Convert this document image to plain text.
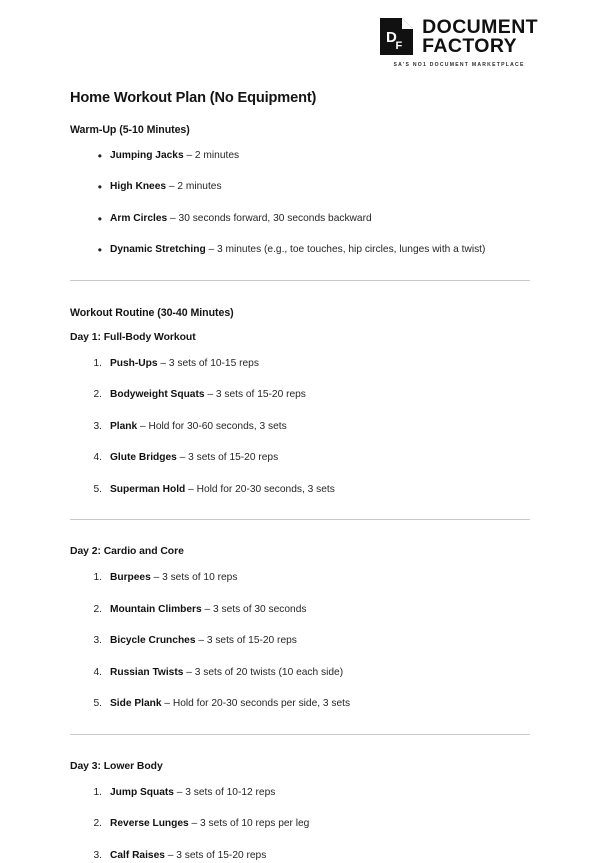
D
F
DOCUMENT
FACTORY
SA'S NO1 DOCUMENT MARKETPLACE
Home Workout Plan (No Equipment)
Warm-Up (5-10 Minutes)
• Jumping Jacks – 2 minutes
• High Knees – 2 minutes
• Arm Circles – 30 seconds forward, 30 seconds backward
• Dynamic Stretching – 3 minutes (e.g., toe touches, hip circles, lunges with a twist)
Workout Routine (30-40 Minutes)
Day 1: Full-Body Workout
1. Push-Ups – 3 sets of 10-15 reps
2. Bodyweight Squats – 3 sets of 15-20 reps
3. Plank – Hold for 30-60 seconds, 3 sets
4. Glute Bridges – 3 sets of 15-20 reps
5. Superman Hold – Hold for 20-30 seconds, 3 sets
Day 2: Cardio and Core
1. Burpees – 3 sets of 10 reps
2. Mountain Climbers – 3 sets of 30 seconds
3. Bicycle Crunches – 3 sets of 15-20 reps
4. Russian Twists – 3 sets of 20 twists (10 each side)
5. Side Plank – Hold for 20-30 seconds per side, 3 sets
Day 3: Lower Body
1. Jump Squats – 3 sets of 10-12 reps
2. Reverse Lunges – 3 sets of 10 reps per leg
3. Calf Raises – 3 sets of 15-20 reps
